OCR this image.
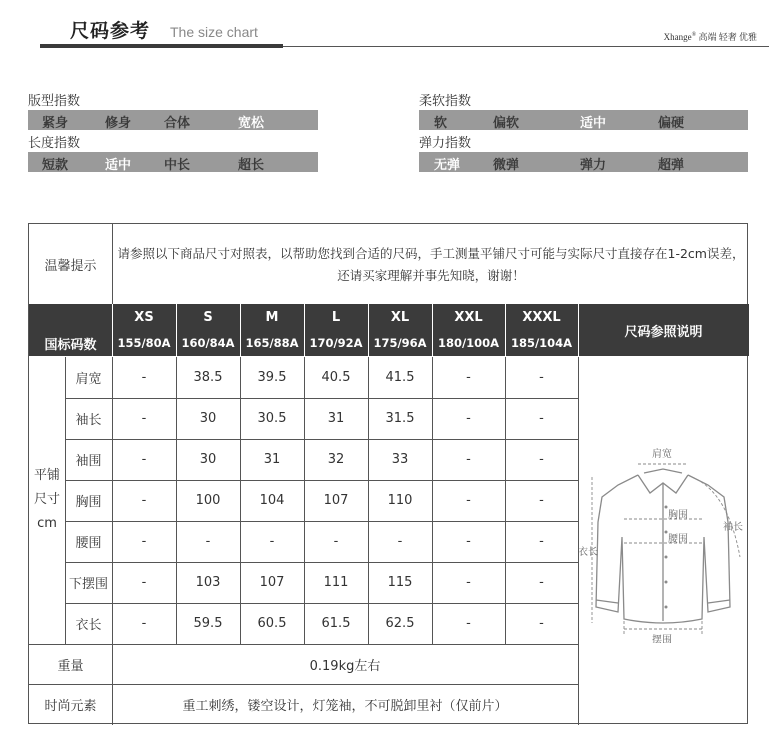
尺码参考 The size chart	Xhange® 高端 轻奢 优雅
版型指数
紧身	修身	合体	宽松
长度指数
短款	适中	中长	超长
柔软指数
软	偏软	适中	偏硬
弹力指数
无弹	微弹	弹力	超弹
温馨提示
请参照以下商品尺寸对照表，以帮助您找到合适的尺码，手工测量平铺尺寸可能与实际尺寸直接存在1-2cm误差，还请买家理解并事先知晓，谢谢！
国标码数
XS	S	M	L	XL	XXL	XXXL
155/80A 160/84A 165/88A 170/92A 175/96A 180/100A	185/104A
尺码参照说明
平铺
尺寸
cm
肩宽	-	38.5	39.5	40.5	41.5	-	-
袖长	-	30	30.5	31	31.5	-	-
袖围	-	30	31	32	33	-	-
胸围	-	100	104	107	110	-	-
腰围	-	-	-	-	-	-	-
下摆围	-	103	107	111	115	-	-
衣长	-	59.5	60.5	61.5	62.5	-	-
重量	0.19kg左右
时尚元素	重工刺绣，镂空设计，灯笼袖，不可脱卸里衬（仅前片）
肩宽
胸围
腰围
袖长
衣长
摆围
